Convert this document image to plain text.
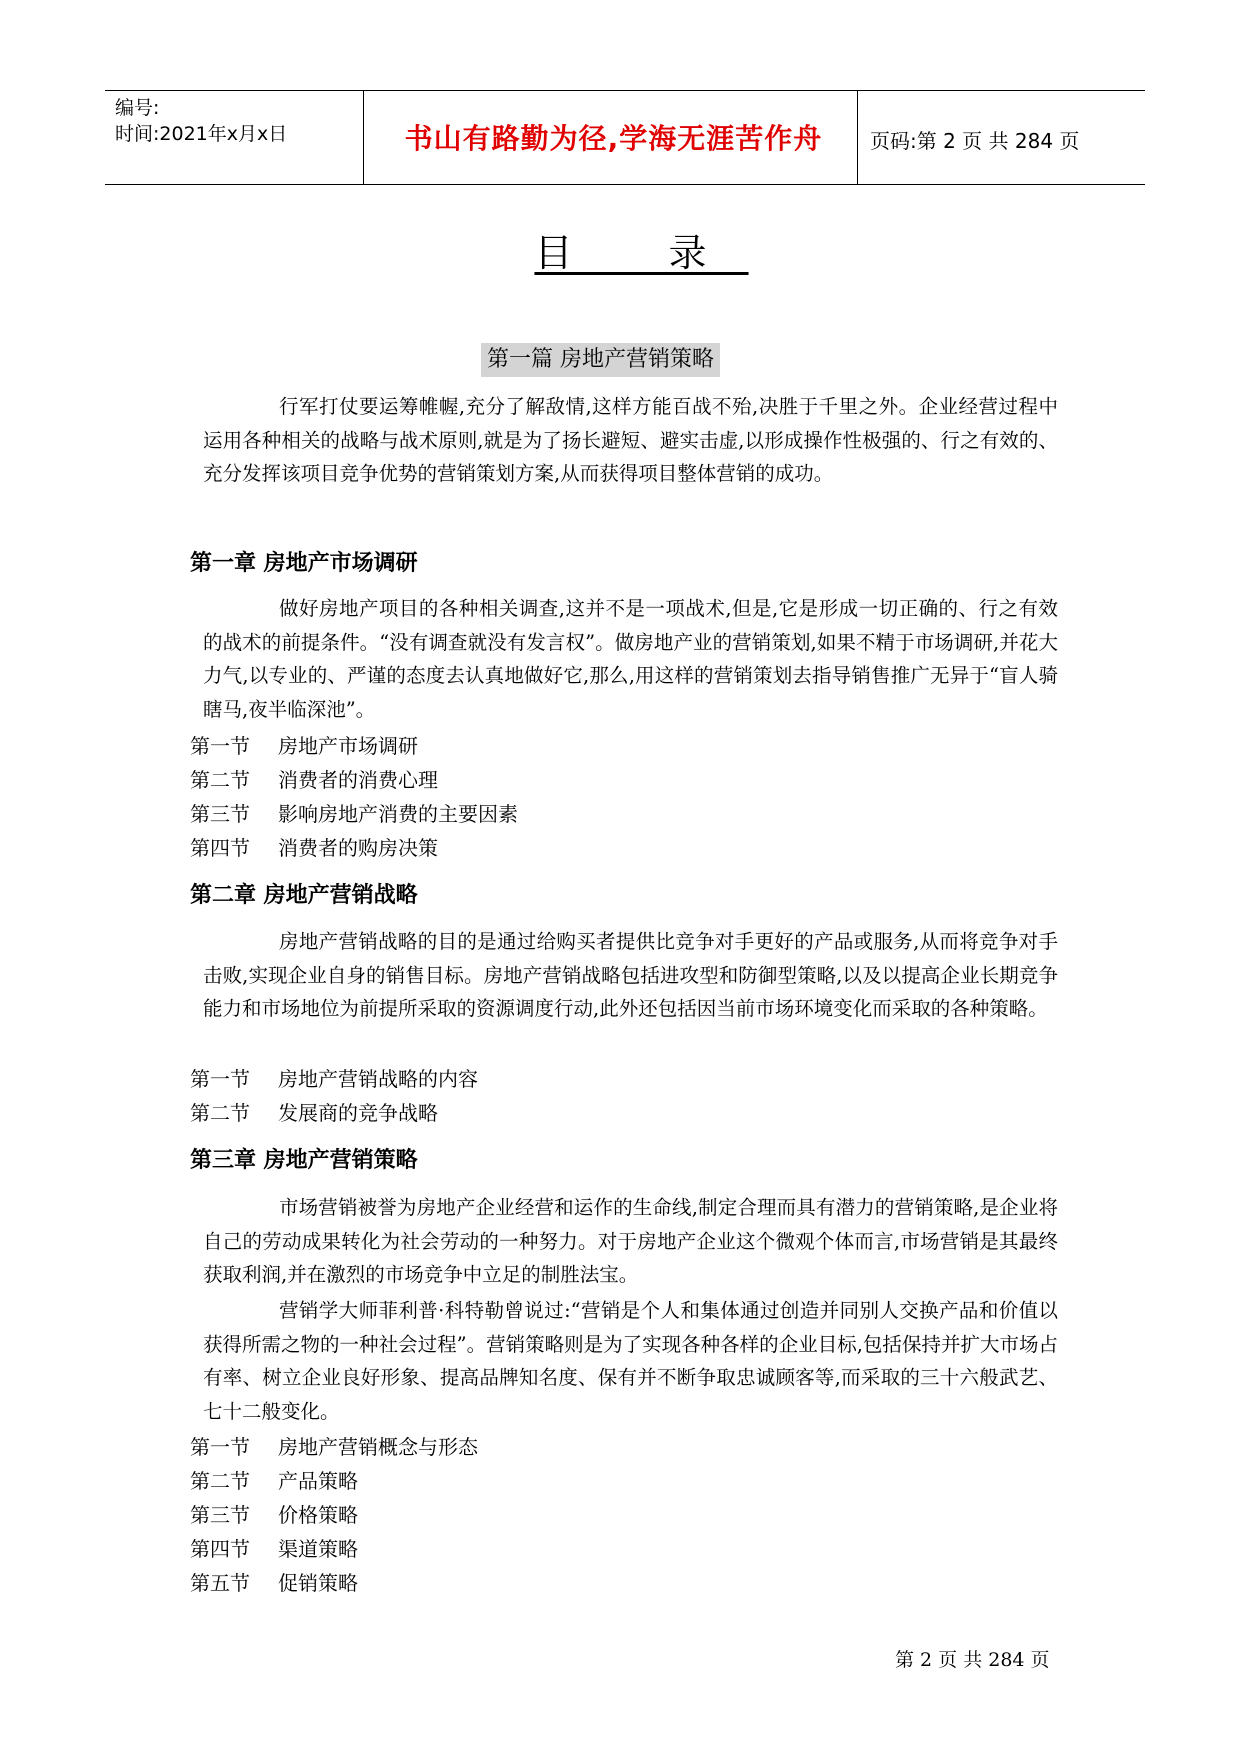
编号:
时间:2021年x月x日	书山有路勤为径,学海无涯苦作舟	页码:第 2 页 共 284 页
目 录
第一篇 房地产营销策略

行军打仗要运筹帷幄,充分了解敌情,这样方能百战不殆,决胜于千里之外。企业经营过程中运用各种相关的战略与战术原则,就是为了扬长避短、避实击虚,以形成操作性极强的、行之有效的、充分发挥该项目竞争优势的营销策划方案,从而获得项目整体营销的成功。

第一章 房地产市场调研

做好房地产项目的各种相关调查,这并不是一项战术,但是,它是形成一切正确的、行之有效的战术的前提条件。“没有调查就没有发言权”。做房地产业的营销策划,如果不精于市场调研,并花大力气,以专业的、严谨的态度去认真地做好它,那么,用这样的营销策划去指导销售推广无异于“盲人骑瞎马,夜半临深池”。

第一节 房地产市场调研
第二节 消费者的消费心理
第三节 影响房地产消费的主要因素
第四节 消费者的购房决策
第二章 房地产营销战略

房地产营销战略的目的是通过给购买者提供比竞争对手更好的产品或服务,从而将竞争对手击败,实现企业自身的销售目标。房地产营销战略包括进攻型和防御型策略,以及以提高企业长期竞争能力和市场地位为前提所采取的资源调度行动,此外还包括因当前市场环境变化而采取的各种策略。

第一节 房地产营销战略的内容
第二节 发展商的竞争战略
第三章 房地产营销策略

市场营销被誉为房地产企业经营和运作的生命线,制定合理而具有潜力的营销策略,是企业将自己的劳动成果转化为社会劳动的一种努力。对于房地产企业这个微观个体而言,市场营销是其最终获取利润,并在激烈的市场竞争中立足的制胜法宝。

营销学大师菲利普·科特勒曾说过:“营销是个人和集体通过创造并同别人交换产品和价值以获得所需之物的一种社会过程”。营销策略则是为了实现各种各样的企业目标,包括保持并扩大市场占有率、树立企业良好形象、提高品牌知名度、保有并不断争取忠诚顾客等,而采取的三十六般武艺、七十二般变化。

第一节 房地产营销概念与形态
第二节 产品策略
第三节 价格策略
第四节 渠道策略
第五节 促销策略
第 2 页 共 284 页
